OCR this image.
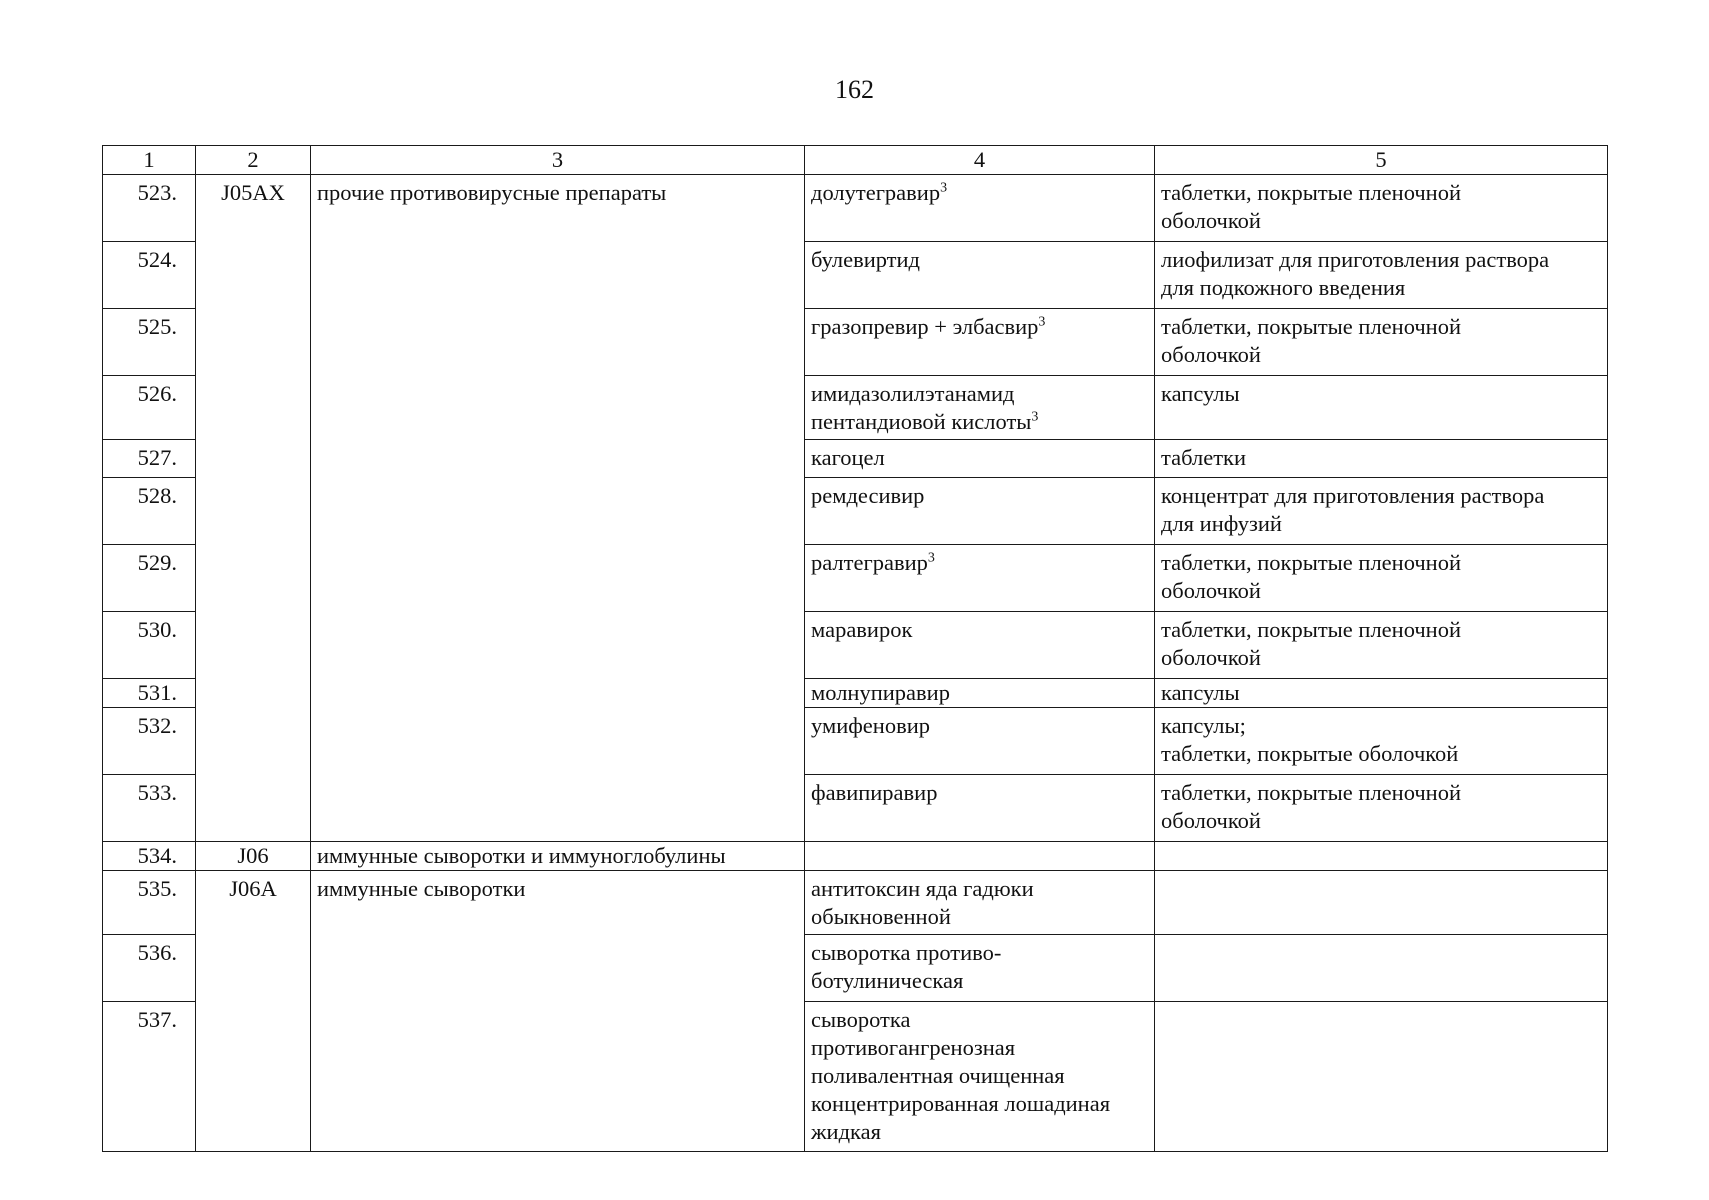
162
1	2	3	4	5
523.	J05AX	прочие противовирусные препараты	долутегравир$^3$	таблетки, покрытые пленочной
оболочкой

524.			булевиртид	лиофилизат для приготовления раствора
для подкожного введения

525.			гразопревир + элбасвир$^3$	таблетки, покрытые пленочной
оболочкой

526.			имидазолилэтанамид
пентандиовой кислоты$^3$	капсулы

527.			кагоцел	таблетки

528.			ремдесивир	концентрат для приготовления раствора
для инфузий

529.			ралтегравир$^3$	таблетки, покрытые пленочной
оболочкой

530.			маравирок	таблетки, покрытые пленочной
оболочкой

531.			молнупиравир	капсулы

532.			умифеновир	капсулы;
таблетки, покрытые оболочкой

533.			фавипиравир	таблетки, покрытые пленочной
оболочкой

534.	J06	иммунные сыворотки и иммуноглобулины		
535.	J06A	иммунные сыворотки	антитоксин яда гадюки
обыкновенной	

536.			сыворотка противо-
ботулиническая	

537.			сыворотка
противогангренозная
поливалентная очищенная
концентрированная лошадиная
жидкая	
